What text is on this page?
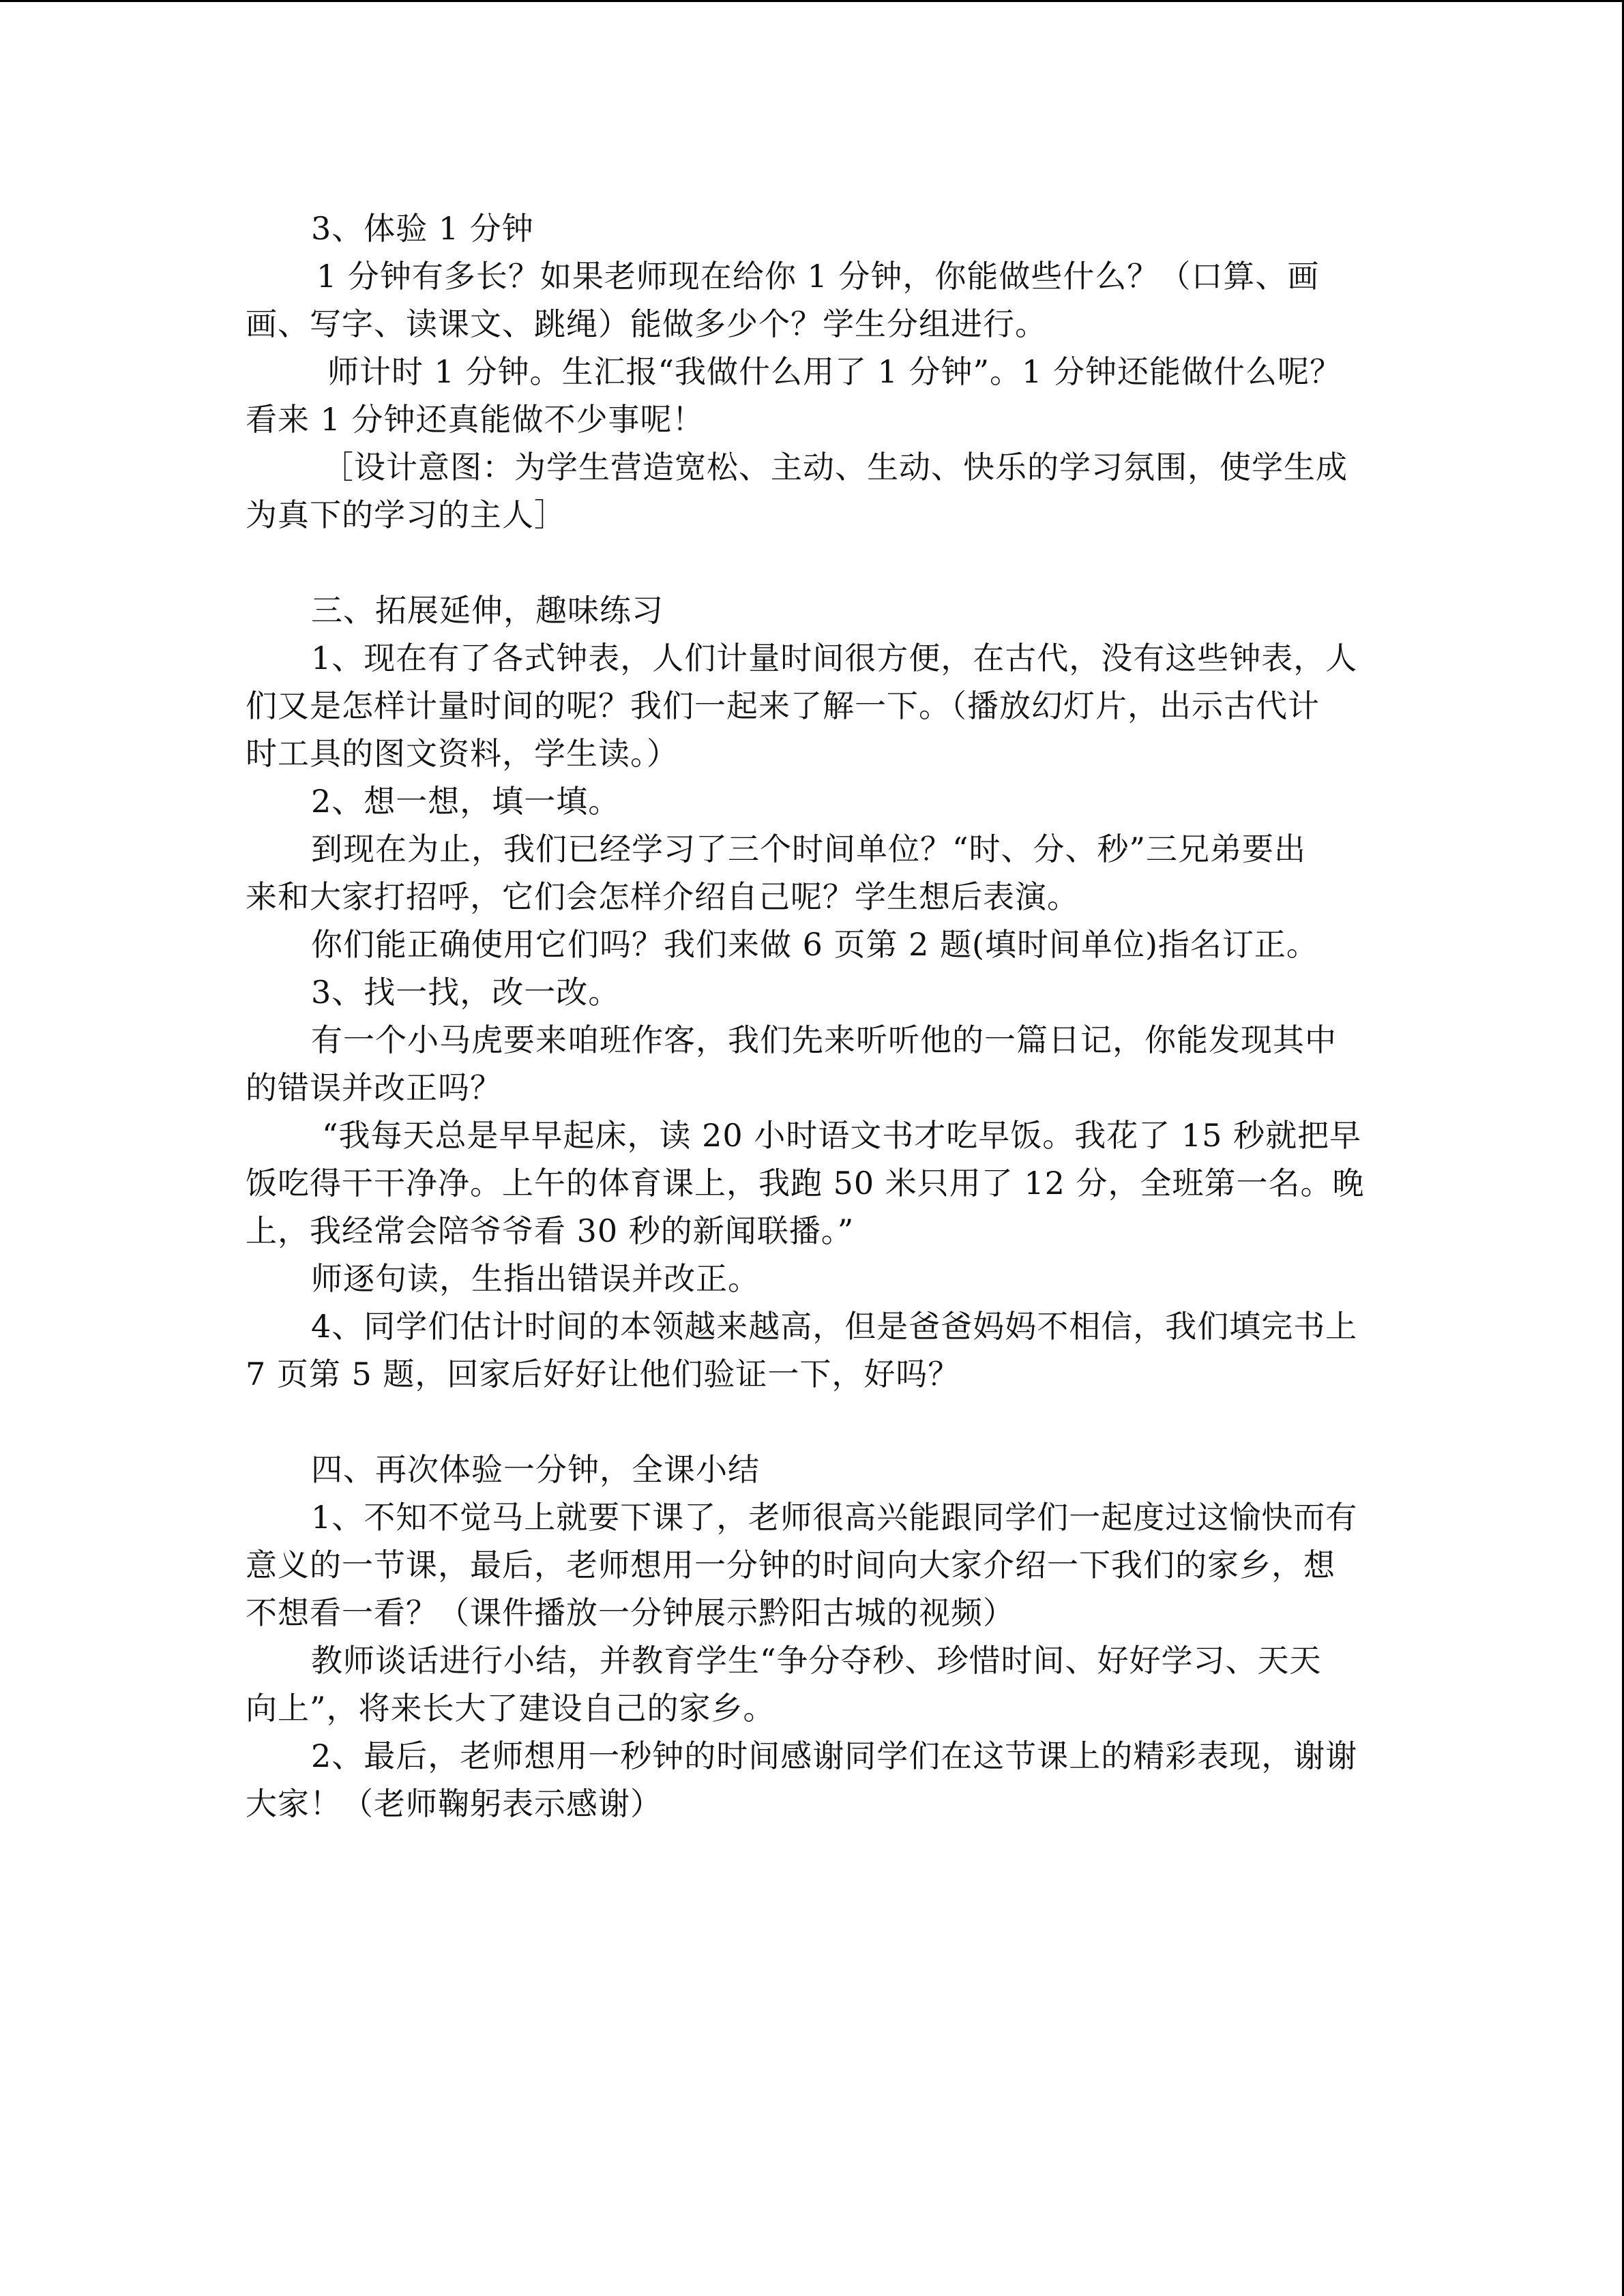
3、体验 1 分钟
1 分钟有多长？如果老师现在给你 1 分钟，你能做些什么？（口算、画
画、写字、读课文、跳绳）能做多少个？学生分组进行。
师计时 1 分钟。生汇报“我做什么用了 1 分钟”。1 分钟还能做什么呢？
看来 1 分钟还真能做不少事呢！
［设计意图：为学生营造宽松、主动、生动、快乐的学习氛围，使学生成
为真下的学习的主人］
三、拓展延伸，趣味练习
1、现在有了各式钟表，人们计量时间很方便，在古代，没有这些钟表，人
们又是怎样计量时间的呢？我们一起来了解一下。（播放幻灯片，出示古代计
时工具的图文资料，学生读。）
2、想一想，填一填。
到现在为止，我们已经学习了三个时间单位？“时、分、秒”三兄弟要出
来和大家打招呼，它们会怎样介绍自己呢？学生想后表演。
你们能正确使用它们吗？我们来做 6 页第 2 题(填时间单位)指名订正。
3、找一找，改一改。
有一个小马虎要来咱班作客，我们先来听听他的一篇日记，你能发现其中
的错误并改正吗？
“我每天总是早早起床，读 20 小时语文书才吃早饭。我花了 15 秒就把早
饭吃得干干净净。上午的体育课上，我跑 50 米只用了 12 分，全班第一名。晚
上，我经常会陪爷爷看 30 秒的新闻联播。”
师逐句读，生指出错误并改正。
4、同学们估计时间的本领越来越高，但是爸爸妈妈不相信，我们填完书上
7 页第 5 题，回家后好好让他们验证一下，好吗？
四、再次体验一分钟，全课小结
1、不知不觉马上就要下课了，老师很高兴能跟同学们一起度过这愉快而有
意义的一节课，最后，老师想用一分钟的时间向大家介绍一下我们的家乡，想
不想看一看？（课件播放一分钟展示黔阳古城的视频）
教师谈话进行小结，并教育学生“争分夺秒、珍惜时间、好好学习、天天
向上”，将来长大了建设自己的家乡。
2、最后，老师想用一秒钟的时间感谢同学们在这节课上的精彩表现，谢谢
大家！（老师鞠躬表示感谢）
